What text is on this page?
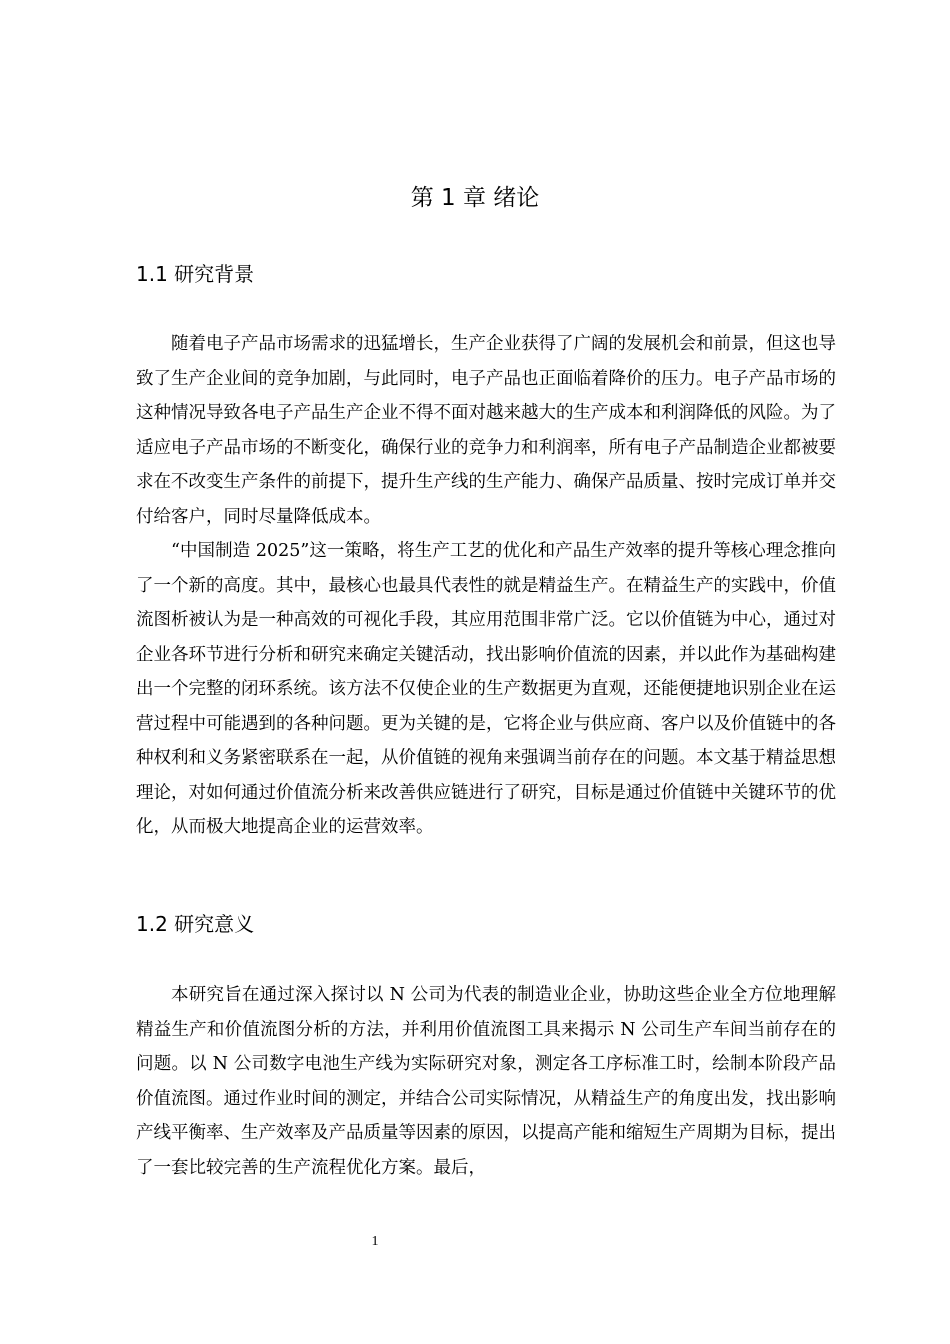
第 1 章 绪论
1.1 研究背景

随着电子产品市场需求的迅猛增长，生产企业获得了广阔的发展机会和前景，但这也导致了生产企业间的竞争加剧，与此同时，电子产品也正面临着降价的压力。电子产品市场的这种情况导致各电子产品生产企业不得不面对越来越大的生产成本和利润降低的风险。为了适应电子产品市场的不断变化，确保行业的竞争力和利润率，所有电子产品制造企业都被要求在不改变生产条件的前提下，提升生产线的生产能力、确保产品质量、按时完成订单并交付给客户，同时尽量降低成本。

“中国制造 2025”这一策略，将生产工艺的优化和产品生产效率的提升等核心理念推向了一个新的高度。其中，最核心也最具代表性的就是精益生产。在精益生产的实践中，价值流图析被认为是一种高效的可视化手段，其应用范围非常广泛。它以价值链为中心，通过对企业各环节进行分析和研究来确定关键活动，找出影响价值流的因素，并以此作为基础构建出一个完整的闭环系统。该方法不仅使企业的生产数据更为直观，还能便捷地识别企业在运营过程中可能遇到的各种问题。更为关键的是，它将企业与供应商、客户以及价值链中的各种权利和义务紧密联系在一起，从价值链的视角来强调当前存在的问题。本文基于精益思想理论，对如何通过价值流分析来改善供应链进行了研究，目标是通过价值链中关键环节的优化，从而极大地提高企业的运营效率。

1.2 研究意义

本研究旨在通过深入探讨以 N 公司为代表的制造业企业，协助这些企业全方位地理解精益生产和价值流图分析的方法，并利用价值流图工具来揭示 N 公司生产车间当前存在的问题。以 N 公司数字电池生产线为实际研究对象，测定各工序标准工时，绘制本阶段产品价值流图。通过作业时间的测定，并结合公司实际情况，从精益生产的角度出发，找出影响产线平衡率、生产效率及产品质量等因素的原因，以提高产能和缩短生产周期为目标，提出了一套比较完善的生产流程优化方案。最后，

1
